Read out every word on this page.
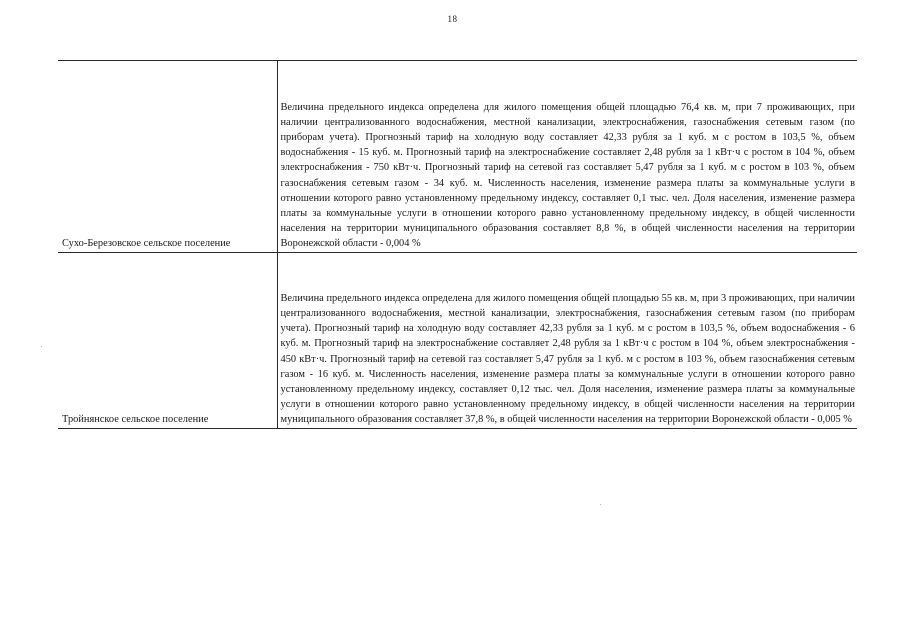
18
Сухо-Березовское сельское поселение	Величина предельного индекса определена для жилого помещения общей площадью 76,4 кв. м, при 7 проживающих, при наличии централизованного водоснабжения, местной канализации, электроснабжения, газоснабжения сетевым газом (по приборам учета). Прогнозный тариф на холодную воду составляет 42,33 рубля за 1 куб. м с ростом в 103,5 %, объем водоснабжения - 15 куб. м. Прогнозный тариф на электроснабжение составляет 2,48 рубля за 1 кВт·ч с ростом в 104 %, объем электроснабжения - 750 кВт·ч. Прогнозный тариф на сетевой газ составляет 5,47 рубля за 1 куб. м с ростом в 103 %, объем газоснабжения сетевым газом - 34 куб. м. Численность населения, изменение размера платы за коммунальные услуги в отношении которого равно установленному предельному индексу, составляет 0,1 тыс. чел. Доля населения, изменение размера платы за коммунальные услуги в отношении которого равно установленному предельному индексу, в общей численности населения на территории муниципального образования составляет 8,8 %, в общей численности населения на территории Воронежской области - 0,004 %
Тройнянское сельское поселение	Величина предельного индекса определена для жилого помещения общей площадью 55 кв. м, при 3 проживающих, при наличии централизованного водоснабжения, местной канализации, электроснабжения, газоснабжения сетевым газом (по приборам учета). Прогнозный тариф на холодную воду составляет 42,33 рубля за 1 куб. м с ростом в 103,5 %, объем водоснабжения - 6 куб. м. Прогнозный тариф на электроснабжение составляет 2,48 рубля за 1 кВт·ч с ростом в 104 %, объем электроснабжения - 450 кВт·ч. Прогнозный тариф на сетевой газ составляет 5,47 рубля за 1 куб. м с ростом в 103 %, объем газоснабжения сетевым газом - 16 куб. м. Численность населения, изменение размера платы за коммунальные услуги в отношении которого равно установленному предельному индексу, составляет 0,12 тыс. чел. Доля населения, изменение размера платы за коммунальные услуги в отношении которого равно установленному предельному индексу, в общей численности населения на территории муниципального образования составляет 37,8 %, в общей численности населения на территории Воронежской области - 0,005 %
